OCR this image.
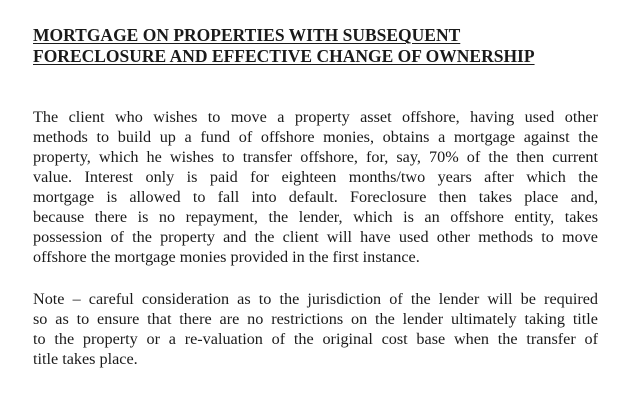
MORTGAGE ON PROPERTIES WITH SUBSEQUENT
FORECLOSURE AND EFFECTIVE CHANGE OF OWNERSHIP

The client who wishes to move a property asset offshore, having used other
methods to build up a fund of offshore monies, obtains a mortgage against the
property, which he wishes to transfer offshore, for, say, 70% of the then current
value. Interest only is paid for eighteen months/two years after which the
mortgage is allowed to fall into default. Foreclosure then takes place and,
because there is no repayment, the lender, which is an offshore entity, takes
possession of the property and the client will have used other methods to move
offshore the mortgage monies provided in the first instance.

Note – careful consideration as to the jurisdiction of the lender will be required
so as to ensure that there are no restrictions on the lender ultimately taking title
to the property or a re-valuation of the original cost base when the transfer of
title takes place.
